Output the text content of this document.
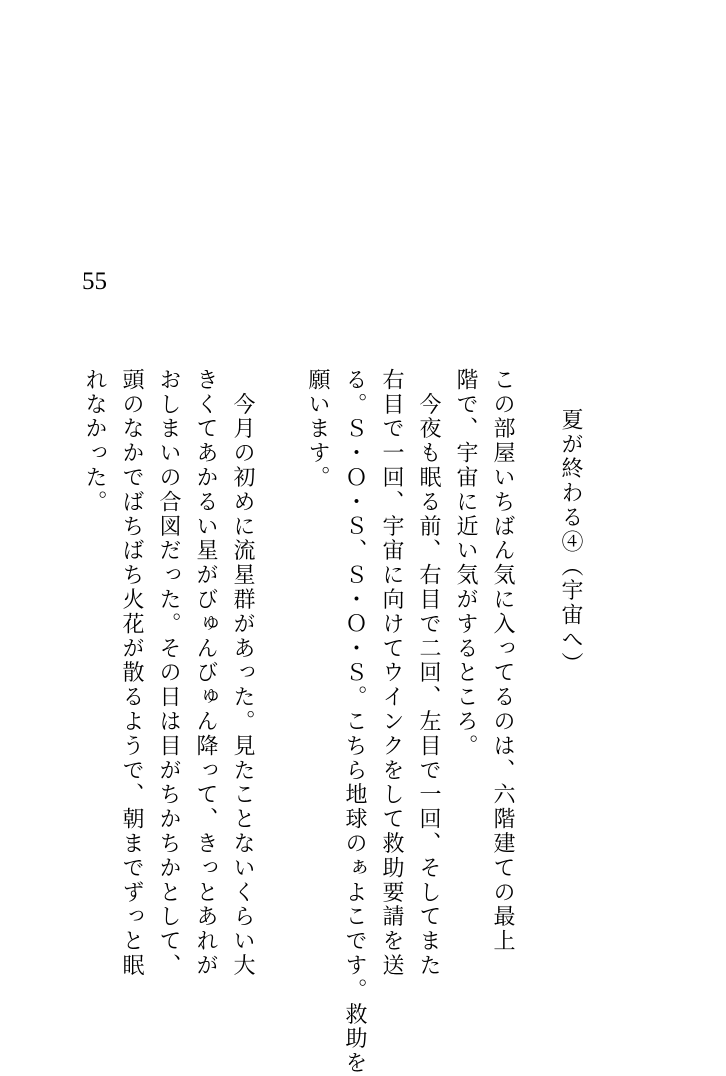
55
夏が終わる④（宇宙へ）
この部屋いちばん気に入ってるのは、六階建ての最上
階で、宇宙に近い気がするところ。
　今夜も眠る前、右目で二回、左目で一回、そしてまた
右目で一回、宇宙に向けてウインクをして救助要請を送
る。Ｓ・Ｏ・Ｓ、Ｓ・Ｏ・Ｓ。こちら地球のぁよこです。救助を
願います。
　今月の初めに流星群があった。見たことないくらい大
きくてあかるい星がびゅんびゅん降って、きっとあれが
おしまいの合図だった。その日は目がちかちかとして、
頭のなかでばちばち火花が散るようで、朝までずっと眠
れなかった。
